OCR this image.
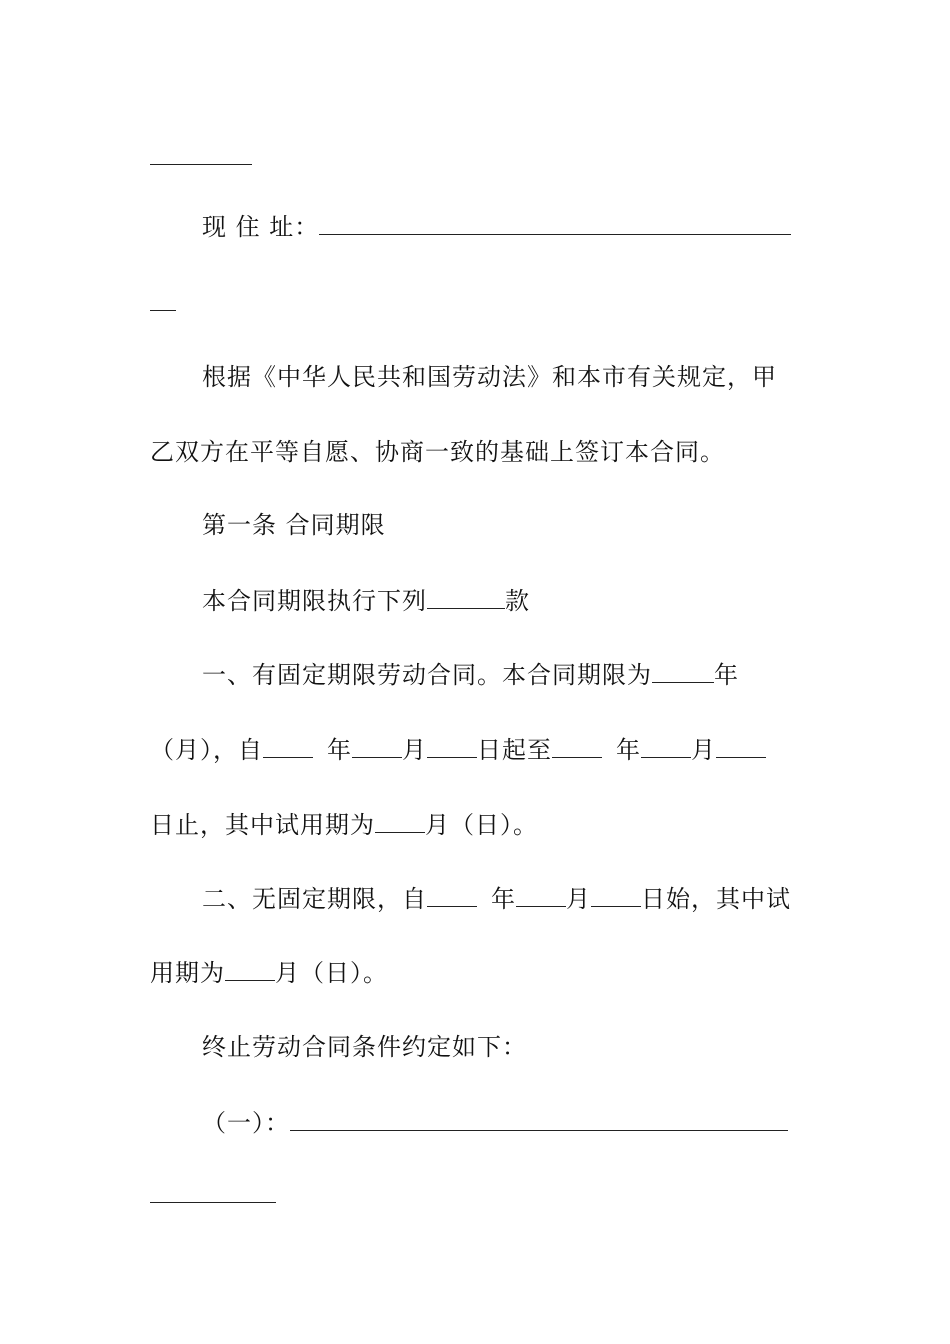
现 住 址：
根据《中华人民共和国劳动法》和本市有关规定，甲
乙双方在平等自愿、协商一致的基础上签订本合同。
第一条 合同期限
本合同期限执行下列	款
一、有固定期限劳动合同。本合同期限为	年
（月），自	年 月 日起至	年 月
日止，其中试用期为 月（日）。
二、无固定期限，自	年 月 日始，其中试
用期为 月（日）。
终止劳动合同条件约定如下：
（一）：
